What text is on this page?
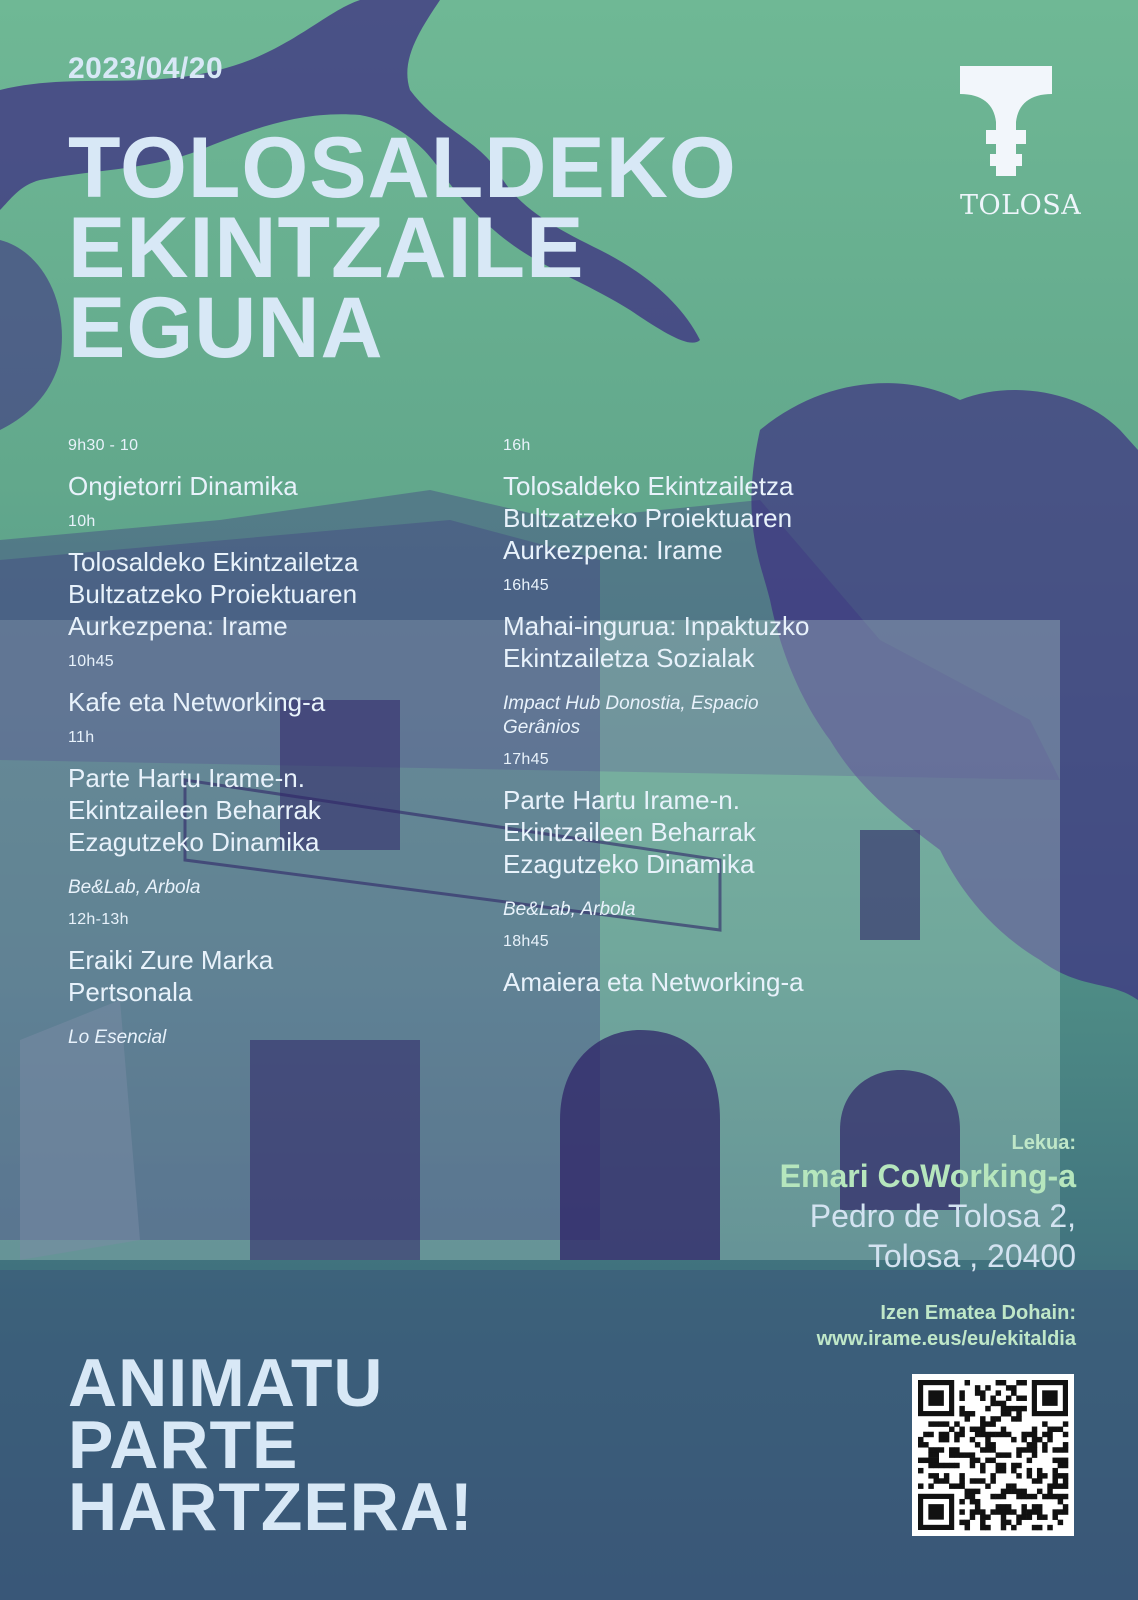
2023/04/20
TOLOSALDEKO
EKINTZAILE
EGUNA
TOLOSA
9h30 - 10
Ongietorri Dinamika
10h
Tolosaldeko Ekintzailetza
Bultzatzeko Proiektuaren
Aurkezpena: Irame
10h45
Kafe eta Networking-a
11h
Parte Hartu Irame-n.
Ekintzaileen Beharrak
Ezagutzeko Dinamika
Be&Lab, Arbola
12h-13h
Eraiki Zure Marka
Pertsonala
Lo Esencial
16h
Tolosaldeko Ekintzailetza
Bultzatzeko Proiektuaren
Aurkezpena: Irame
16h45
Mahai-ingurua: Inpaktuzko
Ekintzailetza Sozialak
Impact Hub Donostia, Espacio
Gerânios
17h45
Parte Hartu Irame-n.
Ekintzaileen Beharrak
Ezagutzeko Dinamika
Be&Lab, Arbola
18h45
Amaiera eta Networking-a
Lekua:
Emari CoWorking-a
Pedro de Tolosa 2,
Tolosa , 20400
Izen Ematea Dohain:
www.irame.eus/eu/ekitaldia
ANIMATU
PARTE
HARTZERA!
